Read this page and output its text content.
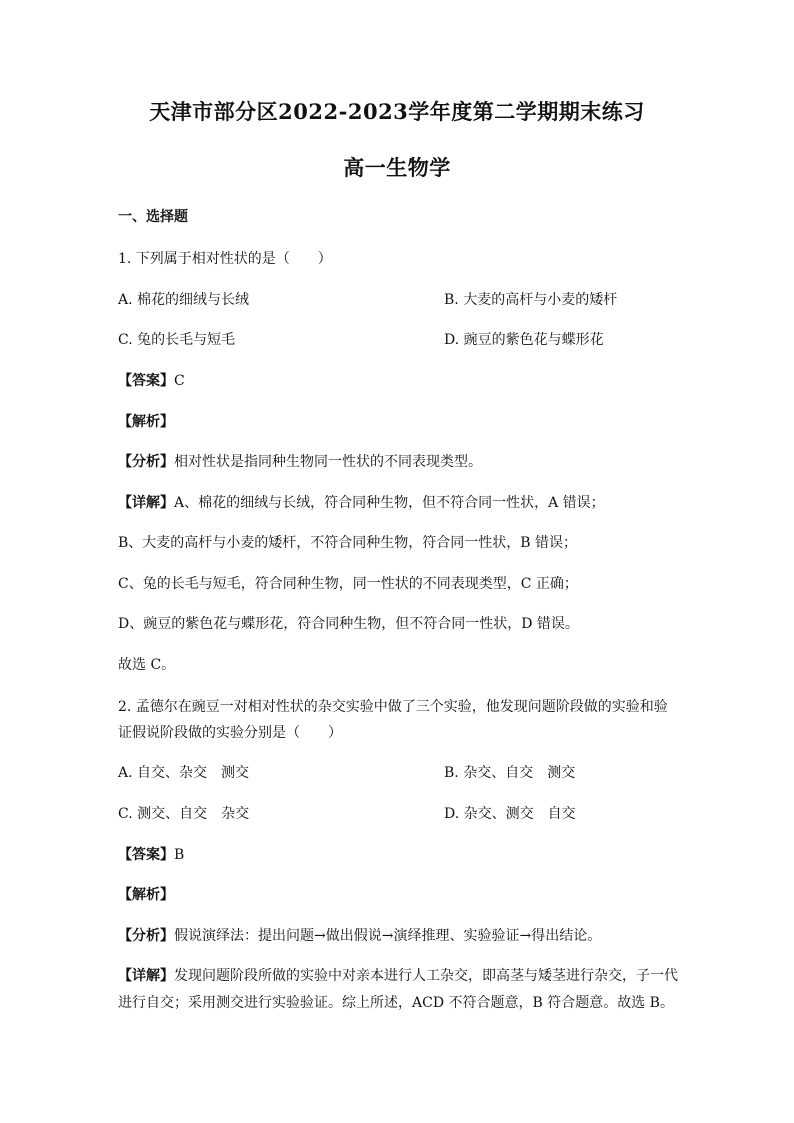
天津市部分区2022-2023学年度第二学期期末练习
高一生物学
一、选择题
1. 下列属于相对性状的是（　　）
A. 棉花的细绒与长绒	B. 大麦的高杆与小麦的矮杆
C. 兔的长毛与短毛	D. 豌豆的紫色花与蝶形花
【答案】C
【解析】
【分析】相对性状是指同种生物同一性状的不同表现类型。
【详解】A、棉花的细绒与长绒，符合同种生物，但不符合同一性状，A 错误；
B、大麦的高杆与小麦的矮杆，不符合同种生物，符合同一性状，B 错误；
C、兔的长毛与短毛，符合同种生物，同一性状的不同表现类型，C 正确；
D、豌豆的紫色花与蝶形花，符合同种生物，但不符合同一性状，D 错误。
故选 C。
2. 孟德尔在豌豆一对相对性状的杂交实验中做了三个实验，他发现问题阶段做的实验和验
证假说阶段做的实验分别是（　　）
A. 自交、杂交　测交	B. 杂交、自交　测交
C. 测交、自交　杂交	D. 杂交、测交　自交
【答案】B
【解析】
【分析】假说演绎法：提出问题→做出假说→演绎推理、实验验证→得出结论。
【详解】发现问题阶段所做的实验中对亲本进行人工杂交，即高茎与矮茎进行杂交，子一代
进行自交；采用测交进行实验验证。综上所述，ACD 不符合题意，B 符合题意。故选 B。
